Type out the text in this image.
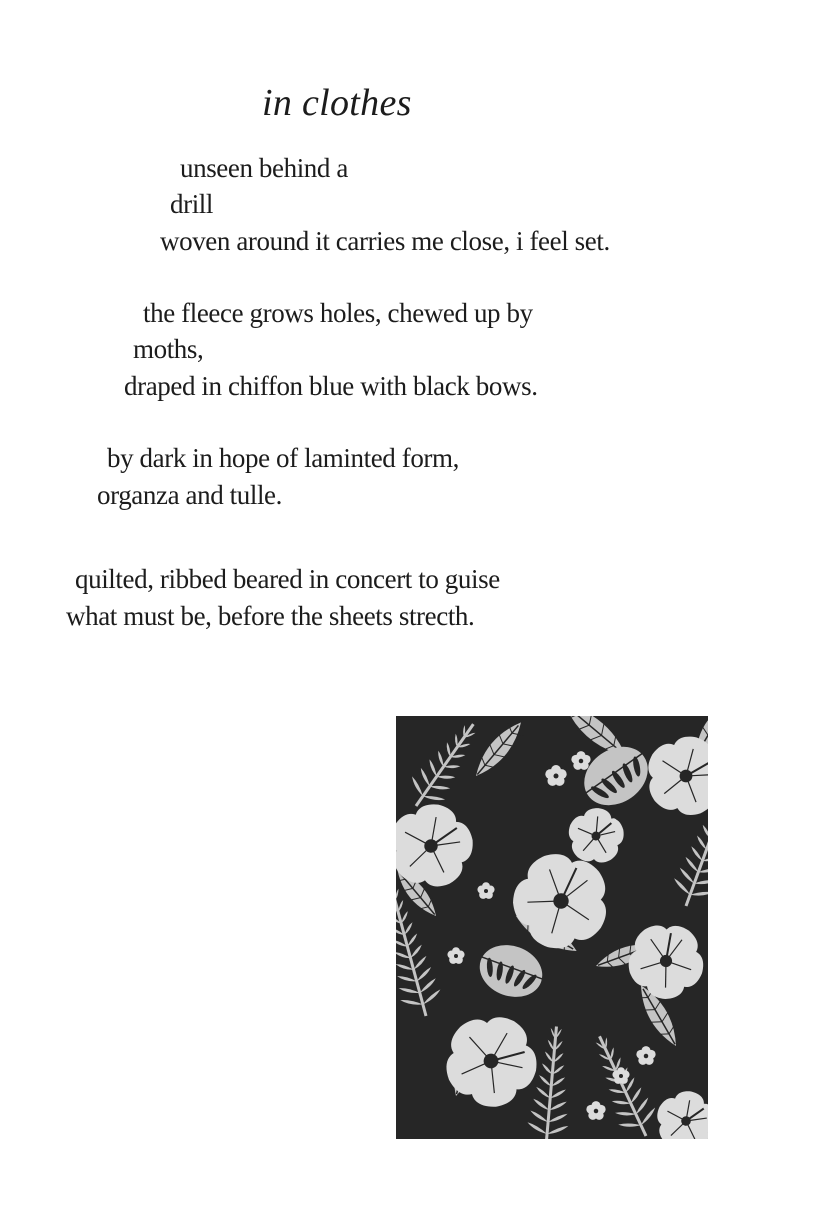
in clothes
unseen behind a
drill
woven around it carries me close, i feel set.
the fleece grows holes, chewed up by
moths,
draped in chiffon blue with black bows.
by dark in hope of laminted form,
organza and tulle.
quilted, ribbed beared in concert to guise
what must be, before the sheets strecth.
